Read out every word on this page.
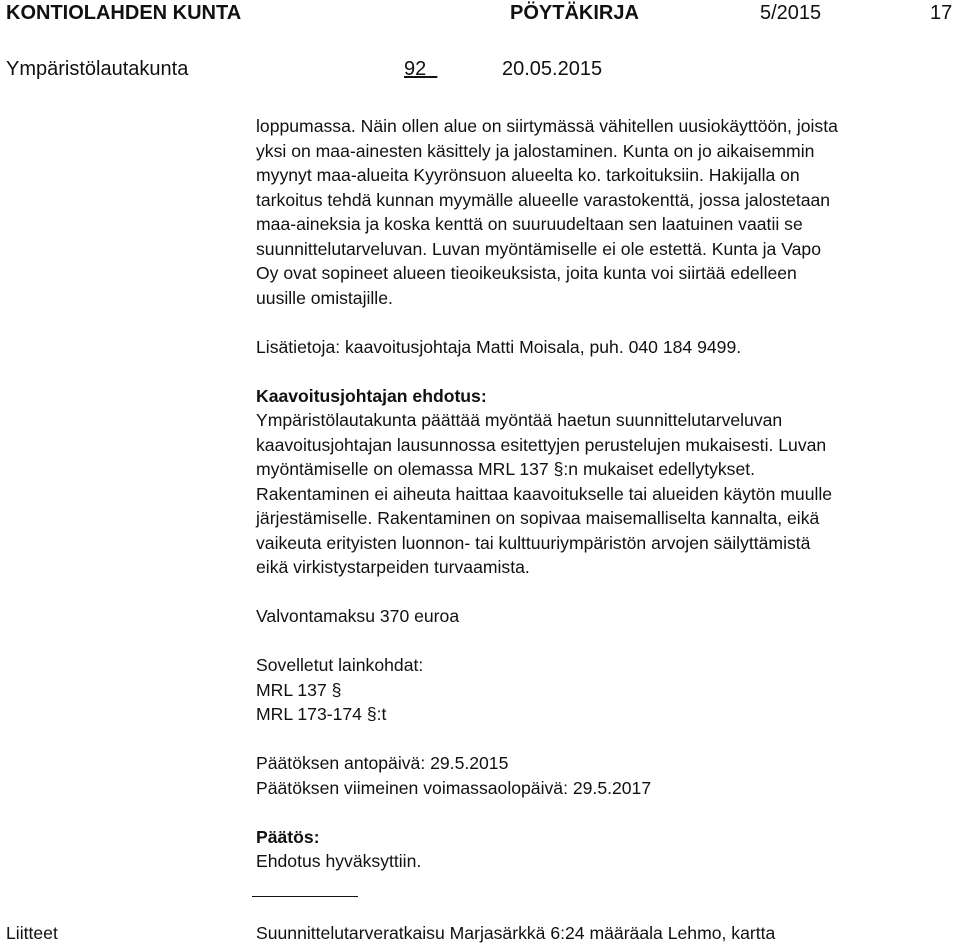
KONTIOLAHDEN KUNTA	PÖYTÄKIRJA	5/2015	17
Ympäristölautakunta	92	20.05.2015
loppumassa. Näin ollen alue on siirtymässä vähitellen uusiokäyttöön, joista
yksi on maa-ainesten käsittely ja jalostaminen. Kunta on jo aikaisemmin
myynyt maa-alueita Kyyrönsuon alueelta ko. tarkoituksiin. Hakijalla on
tarkoitus tehdä kunnan myymälle alueelle varastokenttä, jossa jalostetaan
maa-aineksia ja koska kenttä on suuruudeltaan sen laatuinen vaatii se
suunnittelutarveluvan. Luvan myöntämiselle ei ole estettä. Kunta ja Vapo
Oy ovat sopineet alueen tieoikeuksista, joita kunta voi siirtää edelleen
uusille omistajille.
Lisätietoja: kaavoitusjohtaja Matti Moisala, puh. 040 184 9499.
Kaavoitusjohtajan ehdotus:
Ympäristölautakunta päättää myöntää haetun suunnittelutarveluvan
kaavoitusjohtajan lausunnossa esitettyjen perustelujen mukaisesti. Luvan
myöntämiselle on olemassa MRL 137 §:n mukaiset edellytykset.
Rakentaminen ei aiheuta haittaa kaavoitukselle tai alueiden käytön muulle
järjestämiselle. Rakentaminen on sopivaa maisemalliselta kannalta, eikä
vaikeuta erityisten luonnon- tai kulttuuriympäristön arvojen säilyttämistä
eikä virkistystarpeiden turvaamista.
Valvontamaksu 370 euroa
Sovelletut lainkohdat:
MRL 137 §
MRL 173-174 §:t
Päätöksen antopäivä: 29.5.2015
Päätöksen viimeinen voimassaolopäivä: 29.5.2017
Päätös:
Ehdotus hyväksyttiin.
Liitteet	Suunnittelutarveratkaisu Marjasärkkä 6:24 määräala Lehmo, kartta
